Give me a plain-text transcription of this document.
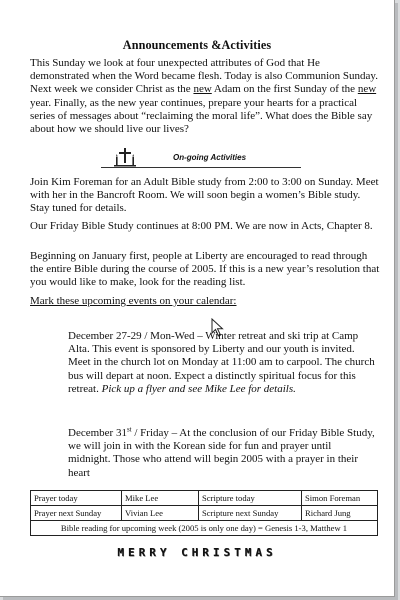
Announcements &Activities

This Sunday we look at four unexpected attributes of God that He demonstrated when the Word became flesh. Today is also Communion Sunday. Next week we consider Christ as the new Adam on the first Sunday of the new year. Finally, as the new year continues, prepare your hearts for a practical series of messages about “reclaiming the moral life”. What does the Bible say about how we should live our lives?

On-going Activities

Join Kim Foreman for an Adult Bible study from 2:00 to 3:00 on Sunday. Meet with her in the Bancroft Room. We will soon begin a women’s Bible study. Stay tuned for details.

Our Friday Bible Study continues at 8:00 PM. We are now in Acts, Chapter 8.

Beginning on January first, people at Liberty are encouraged to read through the entire Bible during the course of 2005. If this is a new year’s resolution that you would like to make, look for the reading list.

Mark these upcoming events on your calendar:

December 27-29 / Mon-Wed – Winter retreat and ski trip at Camp Alta. This event is sponsored by Liberty and our youth is invited. Meet in the church lot on Monday at 11:00 am to carpool. The church bus will depart at noon. Expect a distinctly spiritual focus for this retreat. Pick up a flyer and see Mike Lee for details.

December 31st / Friday – At the conclusion of our Friday Bible Study, we will join in with the Korean side for fun and prayer until midnight. Those who attend will begin 2005 with a prayer in their heart

Prayer today	Mike Lee	Scripture today	Simon Foreman
Prayer next Sunday	Vivian Lee	Scripture next Sunday	Richard Jung
Bible reading for upcoming week (2005 is only one day) = Genesis 1-3, Matthew 1			
MERRY CHRISTMAS
